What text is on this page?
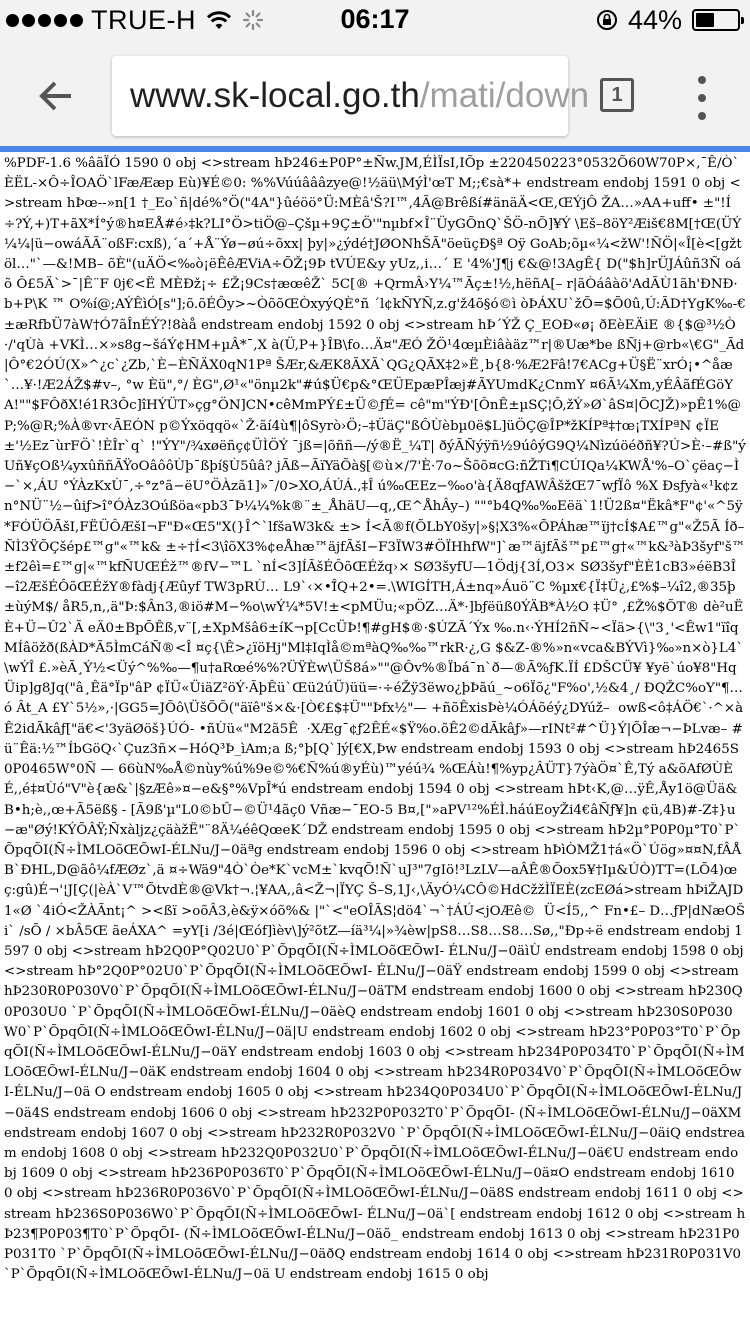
TRUE-H	06:17	44%
www.sk-local.go.th/mati/down 1
%PDF-1.6 %âãÏÓ 1590 0 obj <>stream hÞ246±P0P°±Ñw.JM,ÉÌÏsI,IÕp ±220450223°0532Õ60W70P×,¯Ê/Ò`ÈËL-×Ô÷ÎOAÖ`lFæÆæp Eù)¥É©0: %%Vúúâââzye@!½äü\MýÌ'œT M;;€sà*+ endstream endobj 1591 0 obj <>stream hÞœ--»n[1 †_Eo`ñ|dé%°Ö("4A"}ûéöö°Ü:MÈâ'Š?I™,4Ã@Brêßí#änäÄ<Œ,ŒÝjÔ ŽA…»AA+uff• ±"!Í÷?Ý,+)T+ãX*Í°ý®h¤EÅ#é›‡k?LI°Ö>tiÖ@–Çšµ+9Ç±Ö'"nµbf×Î¨ÜyGÕnQ`ŠÖ-nÕ]¥Ý \Eš–8öY²Æiš€8M[†Œ(ÜÝ¼¼|ü−owáÃÃ¨oßF:cxß),´a´+Å¨Ýø−øú÷õxx| þy|»¿ýdé†JØONhŠÃ"öeüçÐ§ª Oÿ GoAb;õµ«¼<žW'!ÑÖ|«Î[è<[gžtöl…"`—&!MB– õÈ"(uÄÖ<‰ò¡ëÊêÆViA÷ÕŽ¡9Þ tVÚE&y yUz,,i…´ E '4%'J¶j €&@!3AgÊ{ D("$h]rÜJÁûñ3Ñ oáõ Ô£5Ä`>¯|Ê¨F 0j€<Ë MÈÐž¡÷ £Ž¡9Cs†æœêŽ` 5C[® +QrmÂ›Y¼™Ãç±!½,hëñA[– r|ãÒáâàö'AdÃÙ1ãh'ÐNÐ·b+P\K ™ O%í@;AÝÊìÓ[s"];õ.õÉÔy>~ÒõõŒÒxyýQÈ°ñ ´l¢kÑYÑ,z.g'ž4õ§ó©ì òÞÁXU`žÕ=$Õ0û,Ú:ÃD†YgK‰-€ ±æRfbÜ7àW†Ó7ãÎnÉÝ?!8àå endstream endobj 1592 0 obj <>stream hÞ´ÝŽ Ç_EOÐ«ø¡ ðEèEÄiE ®{$@³½Ò·/'qÙà +VKÌ…×»s8g~šáÝ¢HM+µÂ*¯,X à(Ü,P+}ÎB\fo…Ä¤"ÆÓ ŽÖ¹4œµÈiâàäz™r|®Uæ*be ßÑj+@rb«\€G"_Ãd |Ô°€2ÓÚ(X»^¿c`¿Zb,`È−ÈÑÄX0qN1Pª ŠÆr,&ÆK8ÃXÃ`QG¿QÃX‡2»Ë¸b{8·%Æ2Fâ!7€ACg+Ü§Ë¨xrÓ¡•^åæ`…¥·!Æ2ÁŽ$#v–, °w Èü",°/ ÈG",Ø¹«"önµ2k"#ú$Ü€p&°ŒÜEpæPÎæj#ÃYUmdK¿CnmY ¤6Ã¼Xm,yÉÂãfÉGöYA!""$FÔðX!é1R3Ôc]îHÝÜT»çg°ÖN]CN•cêMmPÝ£±Ü©ƒÉ= cê"m"ÝÐ'[ÔnÊ±µSÇ¦Ô,žÝ»Ø`âS¤|ÕCJŽ)»pÊ1%@P;%@R;%À®vr‹ÃEÓN p©Ýxöqqö«`Ž·ãí4ù¶|ôSyrò›Ö;–‡ÜäÇ"ßÔÙèbµ0ë$L]üÖÇ@ÎP*žKÍPª‡†œ¡TXÍPªN ¢ÏE±'½Ez¯ùrFÖ`!ÈÎr`q` !"ÝY"/¾xøëñç¢ÜÌÖÝ ¯jß=|õññ—/ý®Ë_¼T| ðýÃÑýÿñ½9úôýG9Q¼Nìzúöéðñ¥?Ú>È·–#ß"ýUñ¥çOß¼yxûññÃŸoOâôôÙþ¯ßþí§Ù5ûâ? jÃß−ÃïYäÕà§[©ù×/7'È·7o~Šõõ¤cG:ñŽTi¶CÚIQa¼KWÅ'%–O`çëaç−Ì−`×,ÁU °ÝÀzKxÙ¯,÷°z°ã−ëU°ÖÀzã1]»¯/0>XO,ÁÚÁ.‚‡Î ú‰ŒEz−‰o'à{Ä8qƒAWÂšžŒ7¯wƒÏô %X Ðsƒyà«¹k¢zn°NÜ¨½−ûiƒ>î°ÓÀz3Oúßöa«pb3¯Þ¼¼%k®¨±_ÅhäU—q,,Œ^ÅhÂy–) ""°b4Q‰‰Eëä`1!Ü2ß¤"Ëkâ*F"¢'«^5ÿ*FÓÜÖÃšI,FËÜÔÆšI¬F"Ð«Œ5"X(}Î^`lfšaW3k& ±> Í<Ã®f(ÕLbY0šy|»§¦X3%«ÕPÁhæ™ïj†cÍ$A£™g"«Ž5Ã Íð–ÑÌ3ŸÕÇšép£™g"«™k& ±÷†Í<3\îõX3%¢eÅhæ™äjfÃšI−F3ÏW3#ÖÏHhfW"]`æ™äjfÃš™p£™g†«™k&³àÞ3šyf"š™ ±f2êì=£™g|«™kfÑUŒÉž™®fV−™L `nÍ<3]ÍÃšÉÔõŒÉžq›× SØ3šyfU—1Ödj{3Í,O3× SØ3šyf"ÈÈ1cB3»éëB3Î−î2ÆšÉÔõŒÉžY®fàdj{Æûyf TW3pRÙ… L9`‹×•Î̈Q+2•=.\WIGÍTH,Á±nq»Áuö¨C %µx€{Ï‡Ü¿,£%$–¼î2,®35þ ±ùýM$/ åR5,n,,ä"Þ:$Ân3,®iö#M−%o\wÝ¼*5V!±<pMÜu;«pÖZ…Ä*·]bƒëüß0ÝÄB*À½O ‡Ü° ,£Ž%$ÕT® dè²uËÈ+Ü−Û2`Ã eÄ0±BpÕÊß,v¨[,±XpMšâ6±íK¬p[CcÜÞ!¶#gH$®·$ÚZÃ´Ýx ‰.n‹·ÝHÍ2ñÑ~<Ïä>{\"3¸'<Êw1"ïîqMÍâöžð(ßÀD*Ã5ÌmCáÑ®<Î ¤ç{\Ê>¿ïöHj"Ml‡IqÌå©mªàQ‰‰™rkR·¿,G $&Z-®%»n«vca&BÝVì}‰»n×ò}L4`\wÝÎ £.»èÃ¸Ý½<Üý^%‰—¶u†aRœé%%?ÜŸÈw\ÜŠ8á»""@Ôv%®Ïbá¯n`ð—®Ã%ƒK.ÏÍ £DŠCÜ¥ ¥yë`úo¥8"HqÜip]g8Jq("â¸Êä°Ïp"âP ¢ÏÜ«ÜiäZ²öÝ·ÃþÊü`Œü2úÜ)üü=·÷éŽÿ3ëwo¿þÞãú_~o6Ïõ¿"F%o',½&4¸/ ÐQŽC%oY"¶… ó Ât_A £Y`5½»,·|GG5=JÕô\ÜšÕÕ("äïê"š×&·[Ò€£$‡Ü""Þfx½"— +ñõÊxisÞè¼ÓÁõéý¿DYúž–  owß<ô‡ÁÖ€`·^×àÊ2idÃkâƒ["ä€<'3yäØöš}ÚÓ- •ñÙü«"M2ã5Ê  ·XÆg¯¢ƒ2ÊÉ«$Ÿ%o.õÊ2©dÃkâƒ»—rINt²#^Ü}Ý|ÕÎæ¬−ÞLvæ– #ü¨Êä:½™ÍbGöQ‹`Çuz3ñ×−HóQ³Þ_ìAm;a ß;°þ[Q`]ý[€X,Þw endstream endobj 1593 0 obj <>stream hÞ2465S0P0465W°0Ñ — 66ùN‰Å©nùy%ú%9e©%€Ñ%ú®yÉù)™yéú¾ %ŒÁù!¶%yp¿ÂÜT}7ýàÖ¤`Ê,Tý a&õAfØÙÈÉ,,é‡¤Ùó"V"è{æ&`|§zÆê»¤−e&§°%VpÎ*ú endstream endobj 1594 0 obj <>stream hÞt‹K,@…ÿÊ,Åy1ö@Üä&B•h;è,,œ+Ã5ëß§ - [Ã9ß'µ"L0©bÛ−©Ü¹4ãç0 Vñæ−¯EO-5 B¤,["»aPV¹²%ÉÌ.háúEoyŽi4€âÑƒ¥]n ¢ü‚4B)#-Z‡}u−æ"Øý!KÝÕÂŸ;Ñxàljz¿çäàžË"¨8Ä¼éêQœeK´DŽ endstream endobj 1595 0 obj <>stream hÞ2µ°P0P0µ°T0`P`ÕpqÕI(Ñ÷ÌMLOõŒÕwI-ÉLNu/J−0äªg endstream endobj 1596 0 obj <>stream hÞìÒMŽ1†á«Ö`Úög»¤¤N,fÂÅB`ÐHL,D@ãô¼fÆØz`,ä ¤÷Wä9"4Ò`Òe*K`vcM±`kvqÕ!Ñ`uJ³"7gIö!³LzLV—aÂÊ®Õox5¥†Iµ&ÚÒ)TT=(LÕ4)œ ç:gû)É¬'¦J[Ç(|èÀ`V™ÕtvdÈ®@Vk†¬.¦¥AA,,â<Ž¬|ÏYÇ Š–S,1J‹,\ÄyÓ¼CÔ©HdCžžÌÏEÈ(zcEØá>stream hÞiŽAJD1«Ø `4iÓ<ŽÀÃnt¡^ ><ßï >oõÂ3‚è&ÿ×óõ%& |"`<"eOÎÃS¦dö4`¬`†ÁÚ<jOÆê©  Ü<Í5,,^ Fn•£– D…ƒP|dNæOŠi` /sÕ / ×bÂ5Œ ãeÁXA^ =yY[i /3é|Œóf]ìèv\]ý²õtZ—íä³¼|»¾èw|pS8…S8…S8…Sø,,"Ðp÷ë endstream endobj 1597 0 obj <>stream hÞ2Q0P°Q02U0`P`ÕpqÕI(Ñ÷ÌMLOõŒÕwI- ÉLNu/J−0äìÙ endstream endobj 1598 0 obj <>stream hÞ°2Q0P°02U0`P`ÕpqÕI(Ñ÷ÌMLOõŒÕwI- ÉLNu/J−0äŸ endstream endobj 1599 0 obj <>stream hÞ230R0P030V0`P`ÕpqÕI(Ñ÷ÌMLOõŒÕwI-ÉLNu/J−0äTM endstream endobj 1600 0 obj <>stream hÞ230Q0P030U0 `P`ÕpqÕI(Ñ÷ÌMLOõŒÕwI-ÉLNu/J−0äèQ endstream endobj 1601 0 obj <>stream hÞ230S0P030W0`P`ÕpqÕI(Ñ÷ÌMLOõŒÕwI-ÉLNu/J−0ä|U endstream endobj 1602 0 obj <>stream hÞ23°P0P03°T0`P`ÕpqÕI(Ñ÷ÌMLOõŒÕwI-ÉLNu/J−0äY endstream endobj 1603 0 obj <>stream hÞ234P0P034T0`P`ÕpqÕI(Ñ÷ÌMLOõŒÕwI-ÉLNu/J−0äK endstream endobj 1604 0 obj <>stream hÞ234R0P034V0`P`ÕpqÕI(Ñ÷ÌMLOõŒÕwI-ÉLNu/J−0ä O endstream endobj 1605 0 obj <>stream hÞ234Q0P034U0`P`ÕpqÕI(Ñ÷ÌMLOõŒÕwI-ÉLNu/J−0ä4S endstream endobj 1606 0 obj <>stream hÞ232P0P032T0`P`ÕpqÕI- (Ñ÷ÌMLOõŒÕwI-ÉLNu/J−0äXM endstream endobj 1607 0 obj <>stream hÞ232R0P032V0 `P`ÕpqÕI(Ñ÷ÌMLOõŒÕwI-ÉLNu/J−0äiQ endstream endobj 1608 0 obj <>stream hÞ232Q0P032U0`P`ÕpqÕI(Ñ÷ÌMLOõŒÕwI-ÉLNu/J−0ä€U endstream endobj 1609 0 obj <>stream hÞ236P0P036T0`P`ÕpqÕI(Ñ÷ÌMLOõŒÕwI-ÉLNu/J−0ä¤O endstream endobj 1610 0 obj <>stream hÞ236R0P036V0`P`ÕpqÕI(Ñ÷ÌMLOõŒÕwI-ÉLNu/J−0ä8S endstream endobj 1611 0 obj <>stream hÞ236S0P036W0`P`ÕpqÕI(Ñ÷ÌMLOõŒÕwI- ÉLNu/J−0ä`[ endstream endobj 1612 0 obj <>stream hÞ23¶P0P03¶T0`P`ÕpqÕI- (Ñ÷ÌMLOõŒÕwI-ÉLNu/J−0äõ_ endstream endobj 1613 0 obj <>stream hÞ231P0P031T0 `P`ÕpqÕI(Ñ÷ÌMLOõŒÕwI-ÉLNu/J−0äðQ endstream endobj 1614 0 obj <>stream hÞ231R0P031V0`P`ÕpqÕI(Ñ÷ÌMLOõŒÕwI-ÉLNu/J−0ä U endstream endobj 1615 0 obj
